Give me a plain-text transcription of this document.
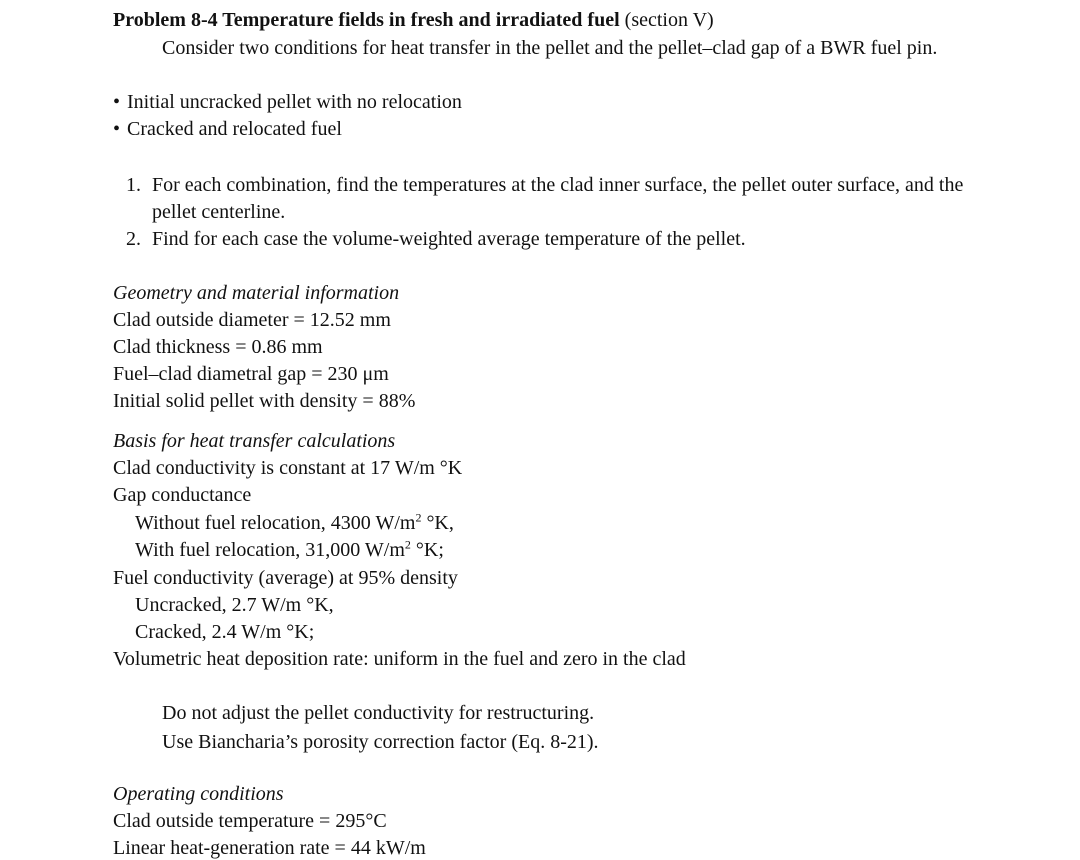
Problem 8-4 Temperature fields in fresh and irradiated fuel (section V)
Consider two conditions for heat transfer in the pellet and the pellet–clad gap of a BWR fuel pin.
• Initial uncracked pellet with no relocation
• Cracked and relocated fuel
1. For each combination, find the temperatures at the clad inner surface, the pellet outer surface, and the
pellet centerline.
2. Find for each case the volume-weighted average temperature of the pellet.
Geometry and material information
Clad outside diameter = 12.52 mm
Clad thickness = 0.86 mm
Fuel–clad diametral gap = 230 μm
Initial solid pellet with density = 88%
Basis for heat transfer calculations
Clad conductivity is constant at 17 W/m °K
Gap conductance
Without fuel relocation, 4300 $W/m^2$ °K,
With fuel relocation, 31,000 $W/m^2$ °K;
Fuel conductivity (average) at 95% density
Uncracked, 2.7 W/m °K,
Cracked, 2.4 W/m °K;
Volumetric heat deposition rate: uniform in the fuel and zero in the clad
Do not adjust the pellet conductivity for restructuring.
Use Biancharia’s porosity correction factor (Eq. 8-21).
Operating conditions
Clad outside temperature = 295°C
Linear heat-generation rate = 44 kW/m
